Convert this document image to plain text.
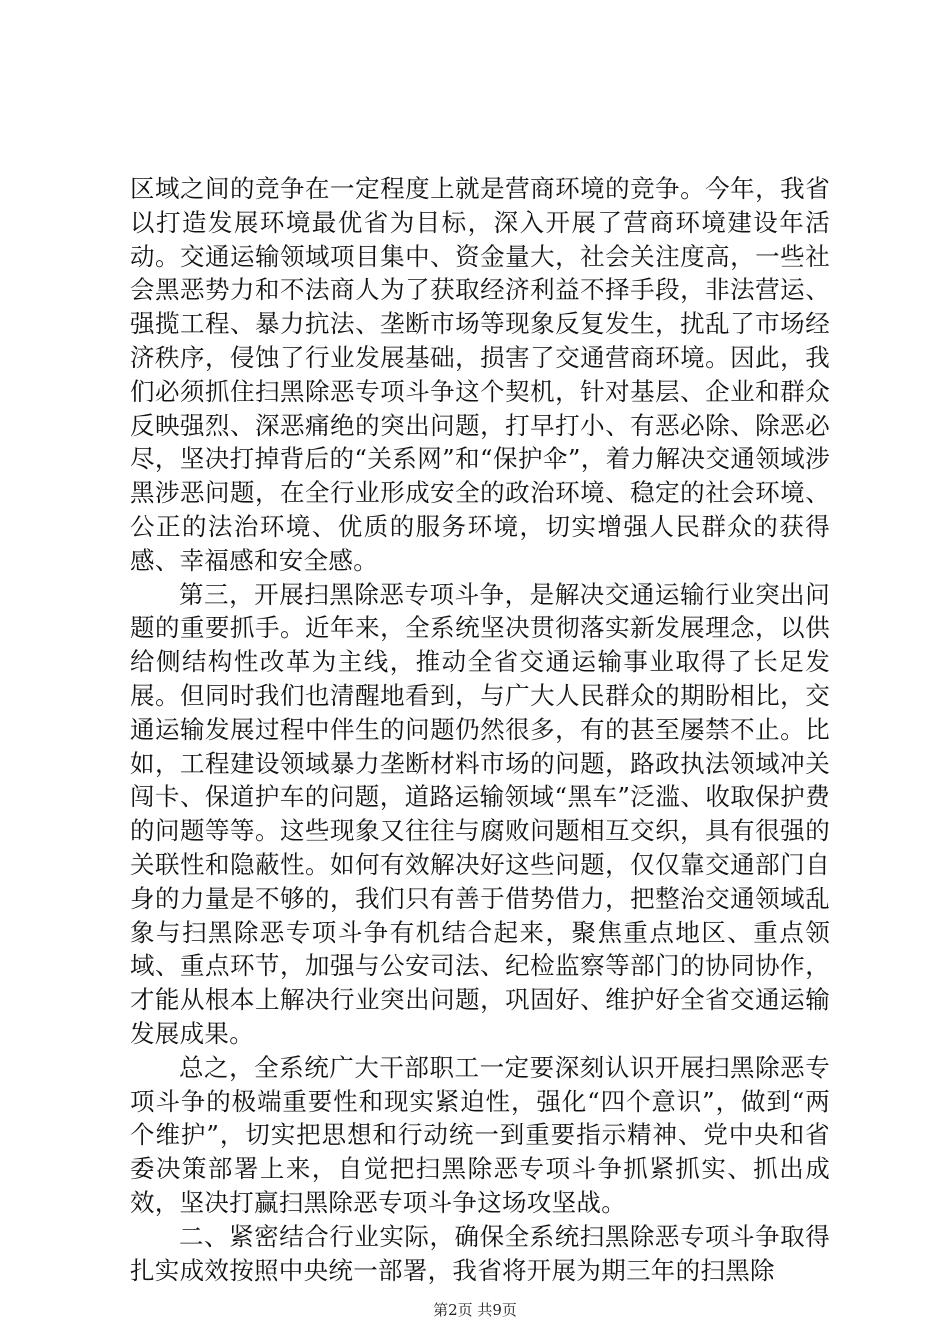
区域之间的竞争在一定程度上就是营商环境的竞争。今年，我省以打造发展环境最优省为目标，深入开展了营商环境建设年活动。交通运输领域项目集中、资金量大，社会关注度高，一些社会黑恶势力和不法商人为了获取经济利益不择手段，非法营运、强揽工程、暴力抗法、垄断市场等现象反复发生，扰乱了市场经济秩序，侵蚀了行业发展基础，损害了交通营商环境。因此，我们必须抓住扫黑除恶专项斗争这个契机，针对基层、企业和群众反映强烈、深恶痛绝的突出问题，打早打小、有恶必除、除恶必尽，坚决打掉背后的“关系网”和“保护伞”，着力解决交通领域涉黑涉恶问题，在全行业形成安全的政治环境、稳定的社会环境、公正的法治环境、优质的服务环境，切实增强人民群众的获得感、幸福感和安全感。

第三，开展扫黑除恶专项斗争，是解决交通运输行业突出问题的重要抓手。近年来，全系统坚决贯彻落实新发展理念，以供给侧结构性改革为主线，推动全省交通运输事业取得了长足发展。但同时我们也清醒地看到，与广大人民群众的期盼相比，交通运输发展过程中伴生的问题仍然很多，有的甚至屡禁不止。比如，工程建设领域暴力垄断材料市场的问题，路政执法领域冲关闯卡、保道护车的问题，道路运输领域“黑车”泛滥、收取保护费的问题等等。这些现象又往往与腐败问题相互交织，具有很强的关联性和隐蔽性。如何有效解决好这些问题，仅仅靠交通部门自身的力量是不够的，我们只有善于借势借力，把整治交通领域乱象与扫黑除恶专项斗争有机结合起来，聚焦重点地区、重点领域、重点环节，加强与公安司法、纪检监察等部门的协同协作，才能从根本上解决行业突出问题，巩固好、维护好全省交通运输发展成果。

总之，全系统广大干部职工一定要深刻认识开展扫黑除恶专项斗争的极端重要性和现实紧迫性，强化“四个意识”，做到“两个维护”，切实把思想和行动统一到重要指示精神、党中央和省委决策部署上来，自觉把扫黑除恶专项斗争抓紧抓实、抓出成效，坚决打赢扫黑除恶专项斗争这场攻坚战。

二、紧密结合行业实际，确保全系统扫黑除恶专项斗争取得扎实成效按照中央统一部署，我省将开展为期三年的扫黑除

第2页 共9页
